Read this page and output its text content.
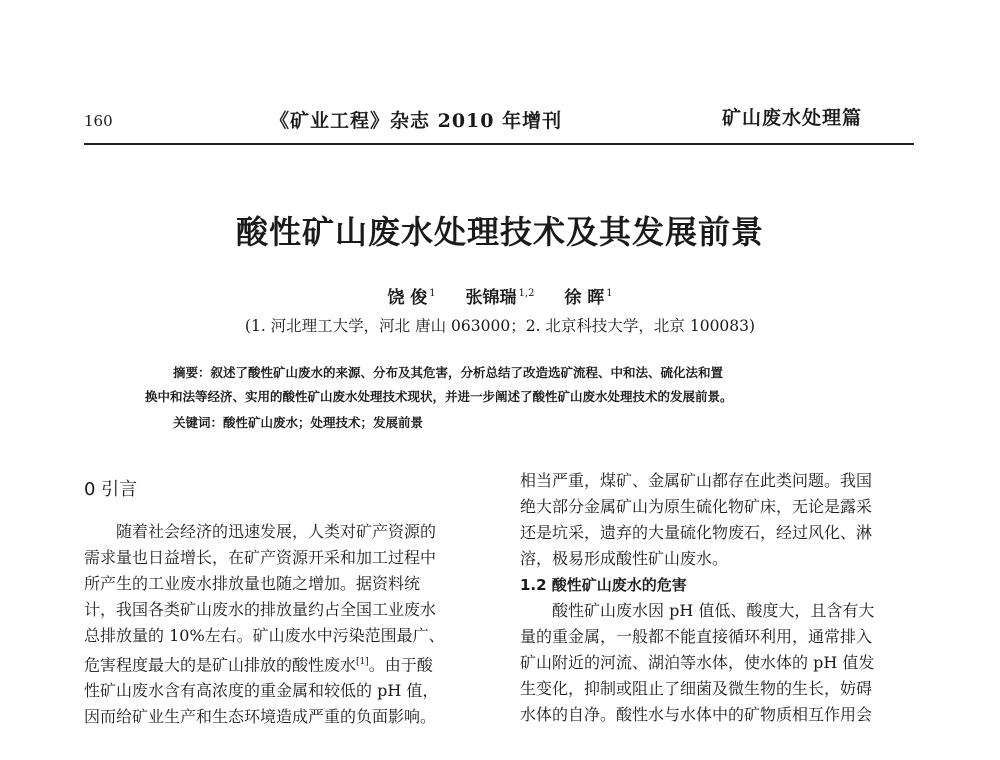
160	《矿业工程》杂志 2010 年增刊	矿山废水处理篇
酸性矿山废水处理技术及其发展前景
饶 俊 $^1$ 张锦瑞 $^{1,2}$ 徐 晖 $^1$
(1. 河北理工大学，河北 唐山 063000；2. 北京科技大学，北京 100083)
摘要：叙述了酸性矿山废水的来源、分布及其危害，分析总结了改造选矿流程、中和法、硫化法和置
换中和法等经济、实用的酸性矿山废水处理技术现状，并进一步阐述了酸性矿山废水处理技术的发展前景。
关键词：酸性矿山废水；处理技术；发展前景
0 引言
随着社会经济的迅速发展，人类对矿产资源的
需求量也日益增长，在矿产资源开采和加工过程中
所产生的工业废水排放量也随之增加。据资料统
计，我国各类矿山废水的排放量约占全国工业废水
总排放量的 10%左右。矿山废水中污染范围最广、
危害程度最大的是矿山排放的酸性废水[1]。由于酸
性矿山废水含有高浓度的重金属和较低的 pH 值，
因而给矿业生产和生态环境造成严重的负面影响。
相当严重，煤矿、金属矿山都存在此类问题。我国
绝大部分金属矿山为原生硫化物矿床，无论是露采
还是坑采，遗弃的大量硫化物废石，经过风化、淋
溶，极易形成酸性矿山废水。
1.2 酸性矿山废水的危害
酸性矿山废水因 pH 值低、酸度大，且含有大
量的重金属，一般都不能直接循环利用，通常排入
矿山附近的河流、湖泊等水体，使水体的 pH 值发
生变化，抑制或阻止了细菌及微生物的生长，妨碍
水体的自净。酸性水与水体中的矿物质相互作用会
